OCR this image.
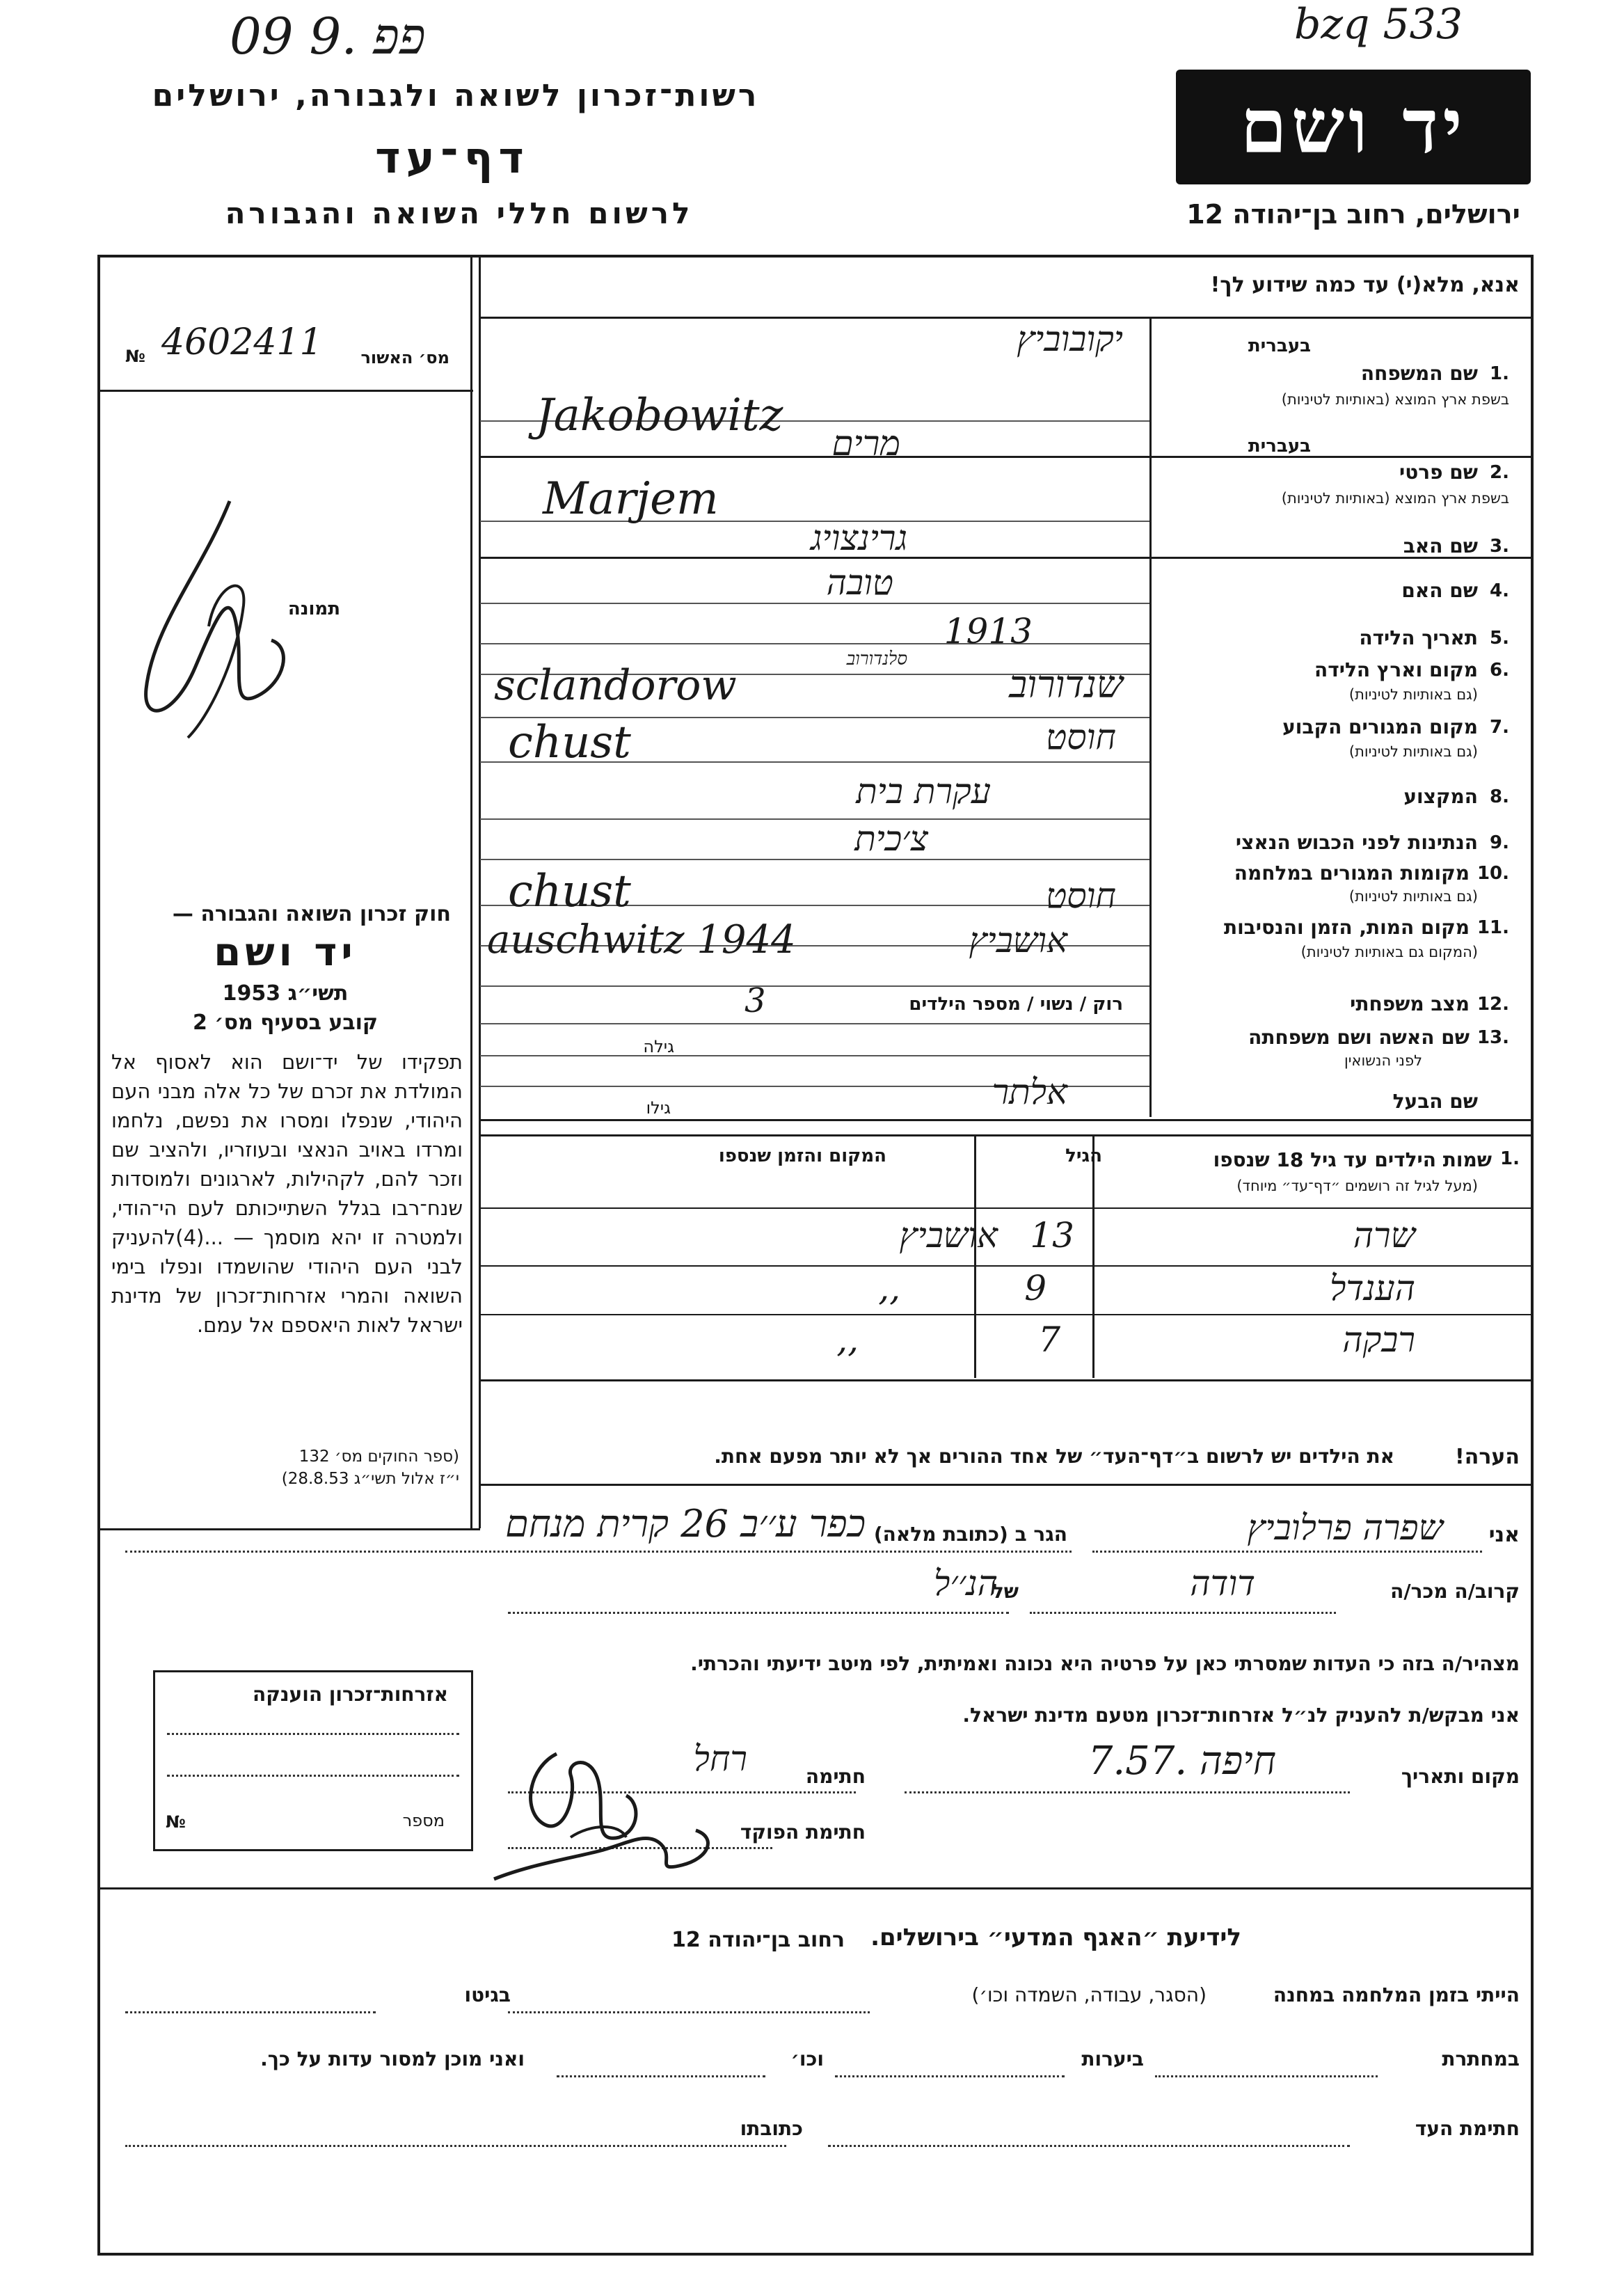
09 9. פפ	bzq 533
רשות־זכרון לשואה ולגבורה, ירושלים
דף־עד
לרשום חללי השואה והגבורה
יד ושם
ירושלים, רחוב בן־יהודה 12
אנא, מלא(י) עד כמה שידוע לך!
מס׳ האשור
№ 4602411
תמונה
חוק זכרון השואה והגבורה —
יד ושם
תשי״ג 1953
קובע בסעיף מס׳ 2
תפקידו של יד־ושם הוא לאסוף אל המולדת את זכרם של כל אלה מבני העם היהודי, שנפלו ומסרו את נפשם, נלחמו ומרדו באויב הנאצי ובעוזריו, ולהציב שם וזכר להם, לקהילות, לארגונים ולמוסדות שנח־רבו בגלל השתייכותם לעם הי־הודי, ולמטרה זו יהא מוסמך — ...(4)להעניק לבני העם היהודי שהושמדו ונפלו בימי השואה והמרי אזרחות־זכרון של מדינת ישראל לאות היאספם אל עמם.
(ספר החוקים מס׳ 132
י״ז אלול תשי״ג 28.8.53)
בעברית
1.
שם המשפחה
בשפת ארץ המוצא (באותיות לטיניות)
יקובוביץ
Jakobowitz
בעברית
2.
שם פרטי
בשפת ארץ המוצא (באותיות לטיניות)
מרים
Marjem
3.
שם האב
גרינצויג
4.
שם האם
טובה
5.
תאריך הלידה
1913
6.
מקום וארץ הלידה
(גם באותיות לטיניות)
שנדורוב
סלנדורוב
sclandorow
7.
מקום המגורים הקבוע
(גם באותיות לטיניות)
חוסט
chust
8.
המקצוע
עקרת בית
9.
הנתינות לפני הכבוש הנאצי
צ׳כית
10.
מקומות המגורים במלחמה
(גם באותיות לטיניות)
חוסט
chust
11.
מקום המות, הזמן והנסיבות
(המקום גם באותיות לטיניות)
אושביץ
auschwitz 1944
12.
מצב משפחתי
רוק / נשוי / מספר הילדים
3
13.
שם האשה ושם משפחתה
לפני הנשואין
גילה
שם הבעל
אלתר
גילו
1.
שמות הילדים עד גיל 18 שנספו
(מעל לגיל זה רושמים ״דף־עד״ מיוחד)
הגיל
המקום והזמן שנספו
שרה
13
אושביץ
הענדל
9
,,
רבקה
7
,,
הערה!
את הילדים יש לרשום ב״דף־העד״ של אחד ההורים אך לא יותר מפעם אחת.
אני
שפרה פרלוביץ
הגר ב (כתובת מלאה)
כפר ע׳׳ב 26 קרית מנחם
קרוב/ה מכר/ה
דודה
של
הנ׳׳ל
מצהיר/ה בזה כי העדות שמסרתי כאן על פרטיה היא נכונה ואמיתית, לפי מיטב ידיעתי והכרתי.
אני מבקש/ת להעניק לנ״ל אזרחות־זכרון מטעם מדינת ישראל.
מקום ותאריך
חיפה .7.57
חתימה
רחל
חתימת הפוקד
אזרחות־זכרון הוענקה
מספר
№
לידיעת ״האגף המדעי״ בירושלים.
רחוב בן־יהודה 12
הייתי בזמן המלחמה במחנה
(הסגר, עבודה, השמדה וכו׳)
בגיטו
במחתרת
ביערות
וכו׳
ואני מוכן למסור עדות על כך.
חתימת העד
כתובתו
